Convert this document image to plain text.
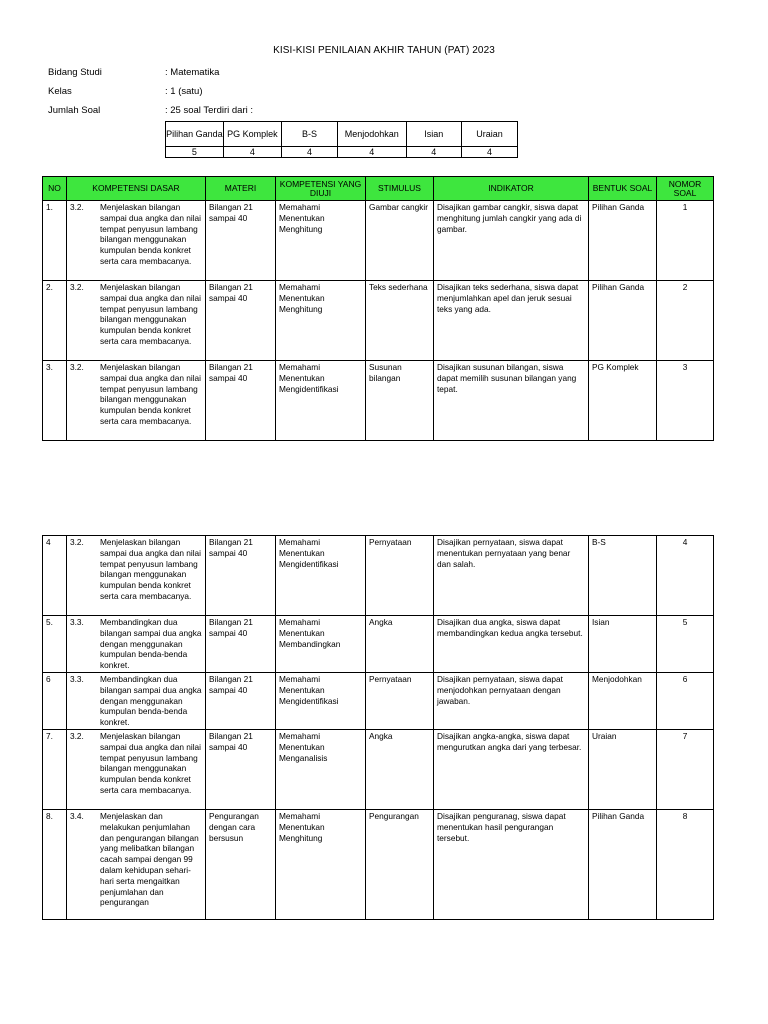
KISI-KISI PENILAIAN AKHIR TAHUN (PAT) 2023
Bidang Studi	: Matematika
Kelas	: 1 (satu)
Jumlah Soal	: 25 soal Terdiri dari :
Pilihan Ganda	PG Komplek	B-S	Menjodohkan	Isian	Uraian
5	4	4	4	4	4
NO	KOMPETENSI DASAR	MATERI	KOMPETENSI YANG DIUJI	STIMULUS	INDIKATOR	BENTUK SOAL	NOMOR SOAL
1.	3.2. Menjelaskan bilangan sampai dua angka dan nilai tempat penyusun lambang bilangan menggunakan kumpulan benda konkret serta cara membacanya.	Bilangan 21 sampai 40	Memahami Menentukan Menghitung	Gambar cangkir	Disajikan gambar cangkir, siswa dapat menghitung jumlah cangkir yang ada di gambar.	Pilihan Ganda	1
2.	3.2. Menjelaskan bilangan sampai dua angka dan nilai tempat penyusun lambang bilangan menggunakan kumpulan benda konkret serta cara membacanya.	Bilangan 21 sampai 40	Memahami Menentukan Menghitung	Teks sederhana	Disajikan teks sederhana, siswa dapat menjumlahkan apel dan jeruk sesuai teks yang ada.	Pilihan Ganda	2
3.	3.2. Menjelaskan bilangan sampai dua angka dan nilai tempat penyusun lambang bilangan menggunakan kumpulan benda konkret serta cara membacanya.	Bilangan 21 sampai 40	Memahami Menentukan Mengidentifikasi	Susunan bilangan	Disajikan susunan bilangan, siswa dapat memilih susunan bilangan yang tepat.	PG Komplek	3
4	3.2. Menjelaskan bilangan sampai dua angka dan nilai tempat penyusun lambang bilangan menggunakan kumpulan benda konkret serta cara membacanya.	Bilangan 21 sampai 40	Memahami Menentukan Mengidentifikasi	Pernyataan	Disajikan pernyataan, siswa dapat menentukan pernyataan yang benar dan salah.	B-S	4
5.	3.3. Membandingkan dua bilangan sampai dua angka dengan menggunakan kumpulan benda-benda konkret.	Bilangan 21 sampai 40	Memahami Menentukan Membandingkan	Angka	Disajikan dua angka, siswa dapat membandingkan kedua angka tersebut.	Isian	5
6	3.3. Membandingkan dua bilangan sampai dua angka dengan menggunakan kumpulan benda-benda konkret.	Bilangan 21 sampai 40	Memahami Menentukan Mengidentifikasi	Pernyataan	Disajikan pernyataan, siswa dapat menjodohkan pernyataan dengan jawaban.	Menjodohkan	6
7.	3.2. Menjelaskan bilangan sampai dua angka dan nilai tempat penyusun lambang bilangan menggunakan kumpulan benda konkret serta cara membacanya.	Bilangan 21 sampai 40	Memahami Menentukan Menganalisis	Angka	Disajikan angka-angka, siswa dapat mengurutkan angka dari yang terbesar.	Uraian	7
8.	3.4. Menjelaskan dan melakukan penjumlahan dan pengurangan bilangan yang melibatkan bilangan cacah sampai dengan 99 dalam kehidupan sehari-hari serta mengaitkan penjumlahan dan pengurangan	Pengurangan dengan cara bersusun	Memahami Menentukan Menghitung	Pengurangan	Disajikan penguranag, siswa dapat menentukan hasil pengurangan tersebut.	Pilihan Ganda	8
